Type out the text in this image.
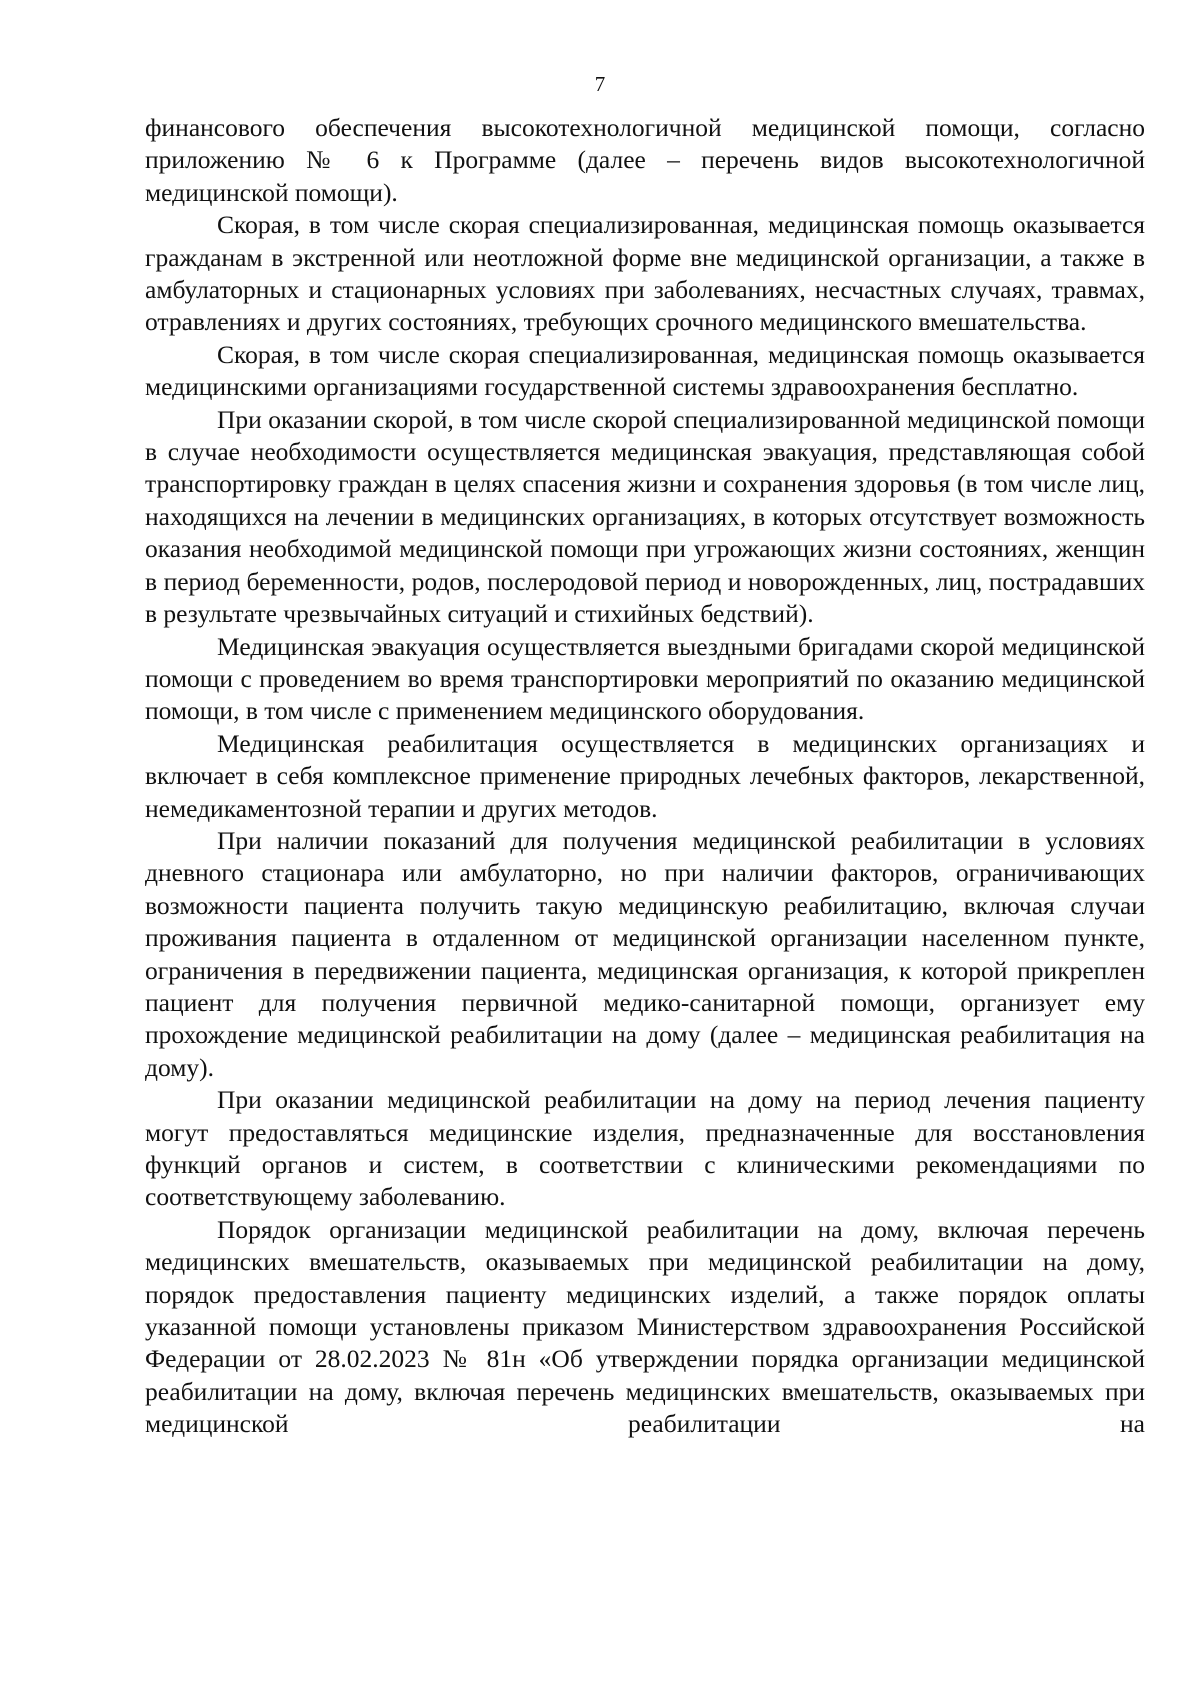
7

финансового обеспечения высокотехнологичной медицинской помощи, согласно приложению № 6 к Программе (далее – перечень видов высокотехнологичной медицинской помощи).

Скорая, в том числе скорая специализированная, медицинская помощь оказывается гражданам в экстренной или неотложной форме вне медицинской организации, а также в амбулаторных и стационарных условиях при заболеваниях, несчастных случаях, травмах, отравлениях и других состояниях, требующих срочного медицинского вмешательства.

Скорая, в том числе скорая специализированная, медицинская помощь оказывается медицинскими организациями государственной системы здравоохранения бесплатно.

При оказании скорой, в том числе скорой специализированной медицинской помощи в случае необходимости осуществляется медицинская эвакуация, представляющая собой транспортировку граждан в целях спасения жизни и сохранения здоровья (в том числе лиц, находящихся на лечении в медицинских организациях, в которых отсутствует возможность оказания необходимой медицинской помощи при угрожающих жизни состояниях, женщин в период беременности, родов, послеродовой период и новорожденных, лиц, пострадавших в результате чрезвычайных ситуаций и стихийных бедствий).

Медицинская эвакуация осуществляется выездными бригадами скорой медицинской помощи с проведением во время транспортировки мероприятий по оказанию медицинской помощи, в том числе с применением медицинского оборудования.

Медицинская реабилитация осуществляется в медицинских организациях и включает в себя комплексное применение природных лечебных факторов, лекарственной, немедикаментозной терапии и других методов.

При наличии показаний для получения медицинской реабилитации в условиях дневного стационара или амбулаторно, но при наличии факторов, ограничивающих возможности пациента получить такую медицинскую реабилитацию, включая случаи проживания пациента в отдаленном от медицинской организации населенном пункте, ограничения в передвижении пациента, медицинская организация, к которой прикреплен пациент для получения первичной медико-санитарной помощи, организует ему прохождение медицинской реабилитации на дому (далее – медицинская реабилитация на дому).

При оказании медицинской реабилитации на дому на период лечения пациенту могут предоставляться медицинские изделия, предназначенные для восстановления функций органов и систем, в соответствии с клиническими рекомендациями по соответствующему заболеванию.

Порядок организации медицинской реабилитации на дому, включая перечень медицинских вмешательств, оказываемых при медицинской реабилитации на дому, порядок предоставления пациенту медицинских изделий, а также порядок оплаты указанной помощи установлены приказом Министерством здравоохранения Российской Федерации от 28.02.2023 № 81н «Об утверждении порядка организации медицинской реабилитации на дому, включая перечень медицинских вмешательств, оказываемых при медицинской реабилитации на
